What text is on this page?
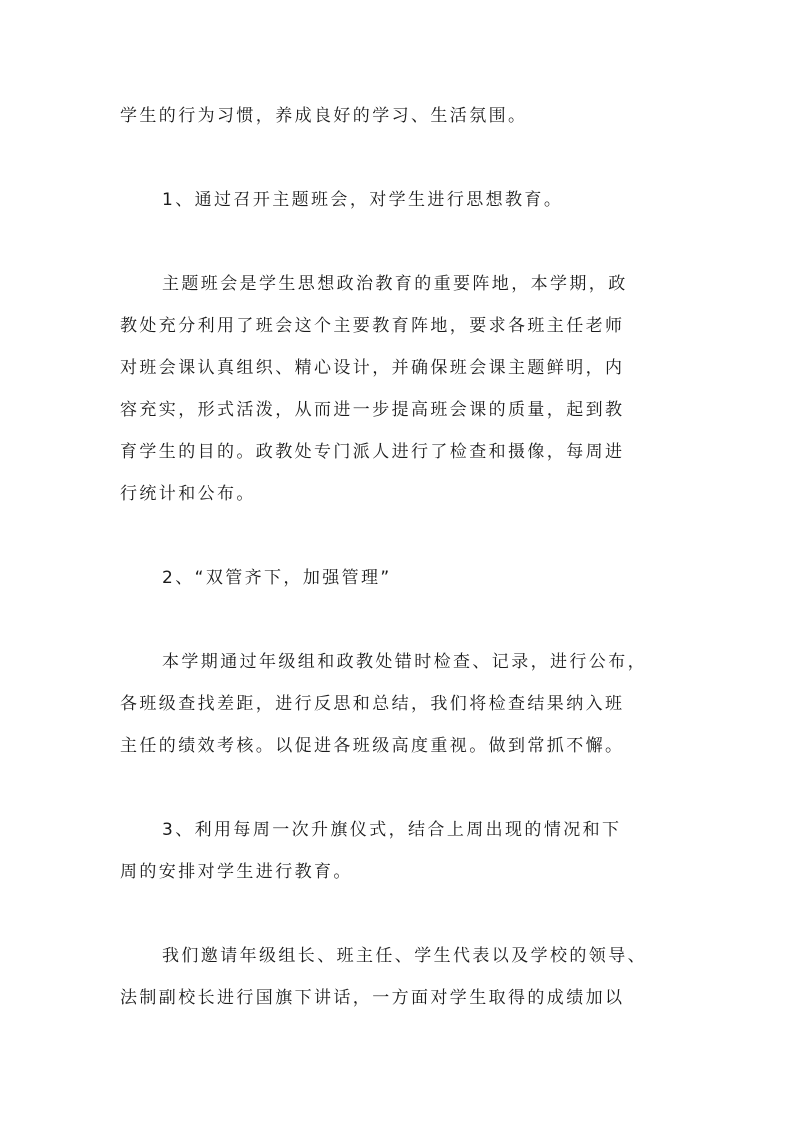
学生的行为习惯，养成良好的学习、生活氛围。
1、通过召开主题班会，对学生进行思想教育。
主题班会是学生思想政治教育的重要阵地，本学期，政
教处充分利用了班会这个主要教育阵地，要求各班主任老师
对班会课认真组织、精心设计，并确保班会课主题鲜明，内
容充实，形式活泼，从而进一步提高班会课的质量，起到教
育学生的目的。政教处专门派人进行了检查和摄像，每周进
行统计和公布。
2、“双管齐下，加强管理”
本学期通过年级组和政教处错时检查、记录，进行公布，
各班级查找差距，进行反思和总结，我们将检查结果纳入班
主任的绩效考核。以促进各班级高度重视。做到常抓不懈。
3、利用每周一次升旗仪式，结合上周出现的情况和下
周的安排对学生进行教育。
我们邀请年级组长、班主任、学生代表以及学校的领导、
法制副校长进行国旗下讲话，一方面对学生取得的成绩加以
